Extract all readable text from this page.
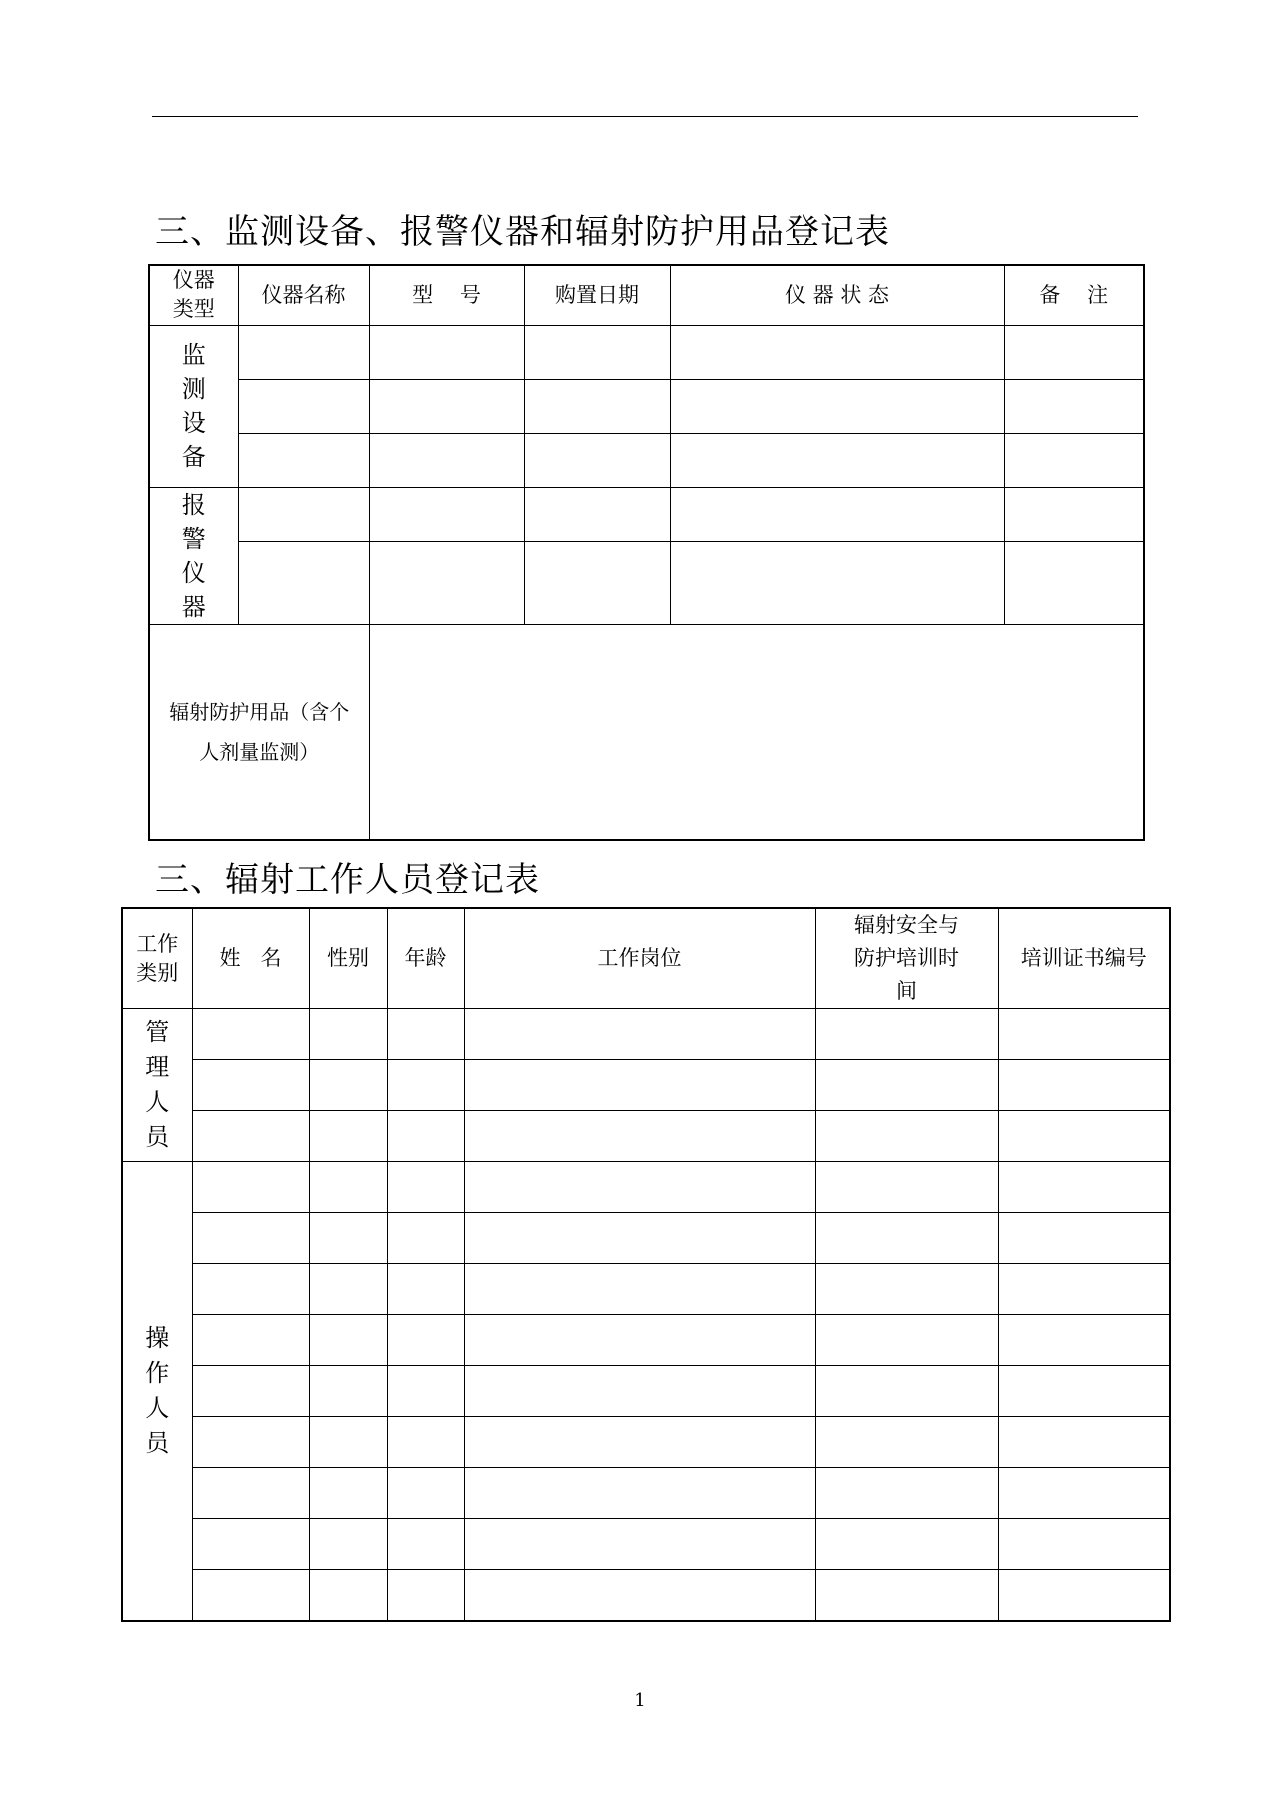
三、监测设备、报警仪器和辐射防护用品登记表
仪器类型	仪器名称	型    号	购置日期	仪 器 状 态	备    注

监测设备					

报警仪器					

辐射防护用品（含个人剂量监测）					
三、辐射工作人员登记表
工作类别	姓   名	性别	年龄	工作岗位	辐射安全与防护培训时间	培训证书编号

管理人员						

操作人员						

1
